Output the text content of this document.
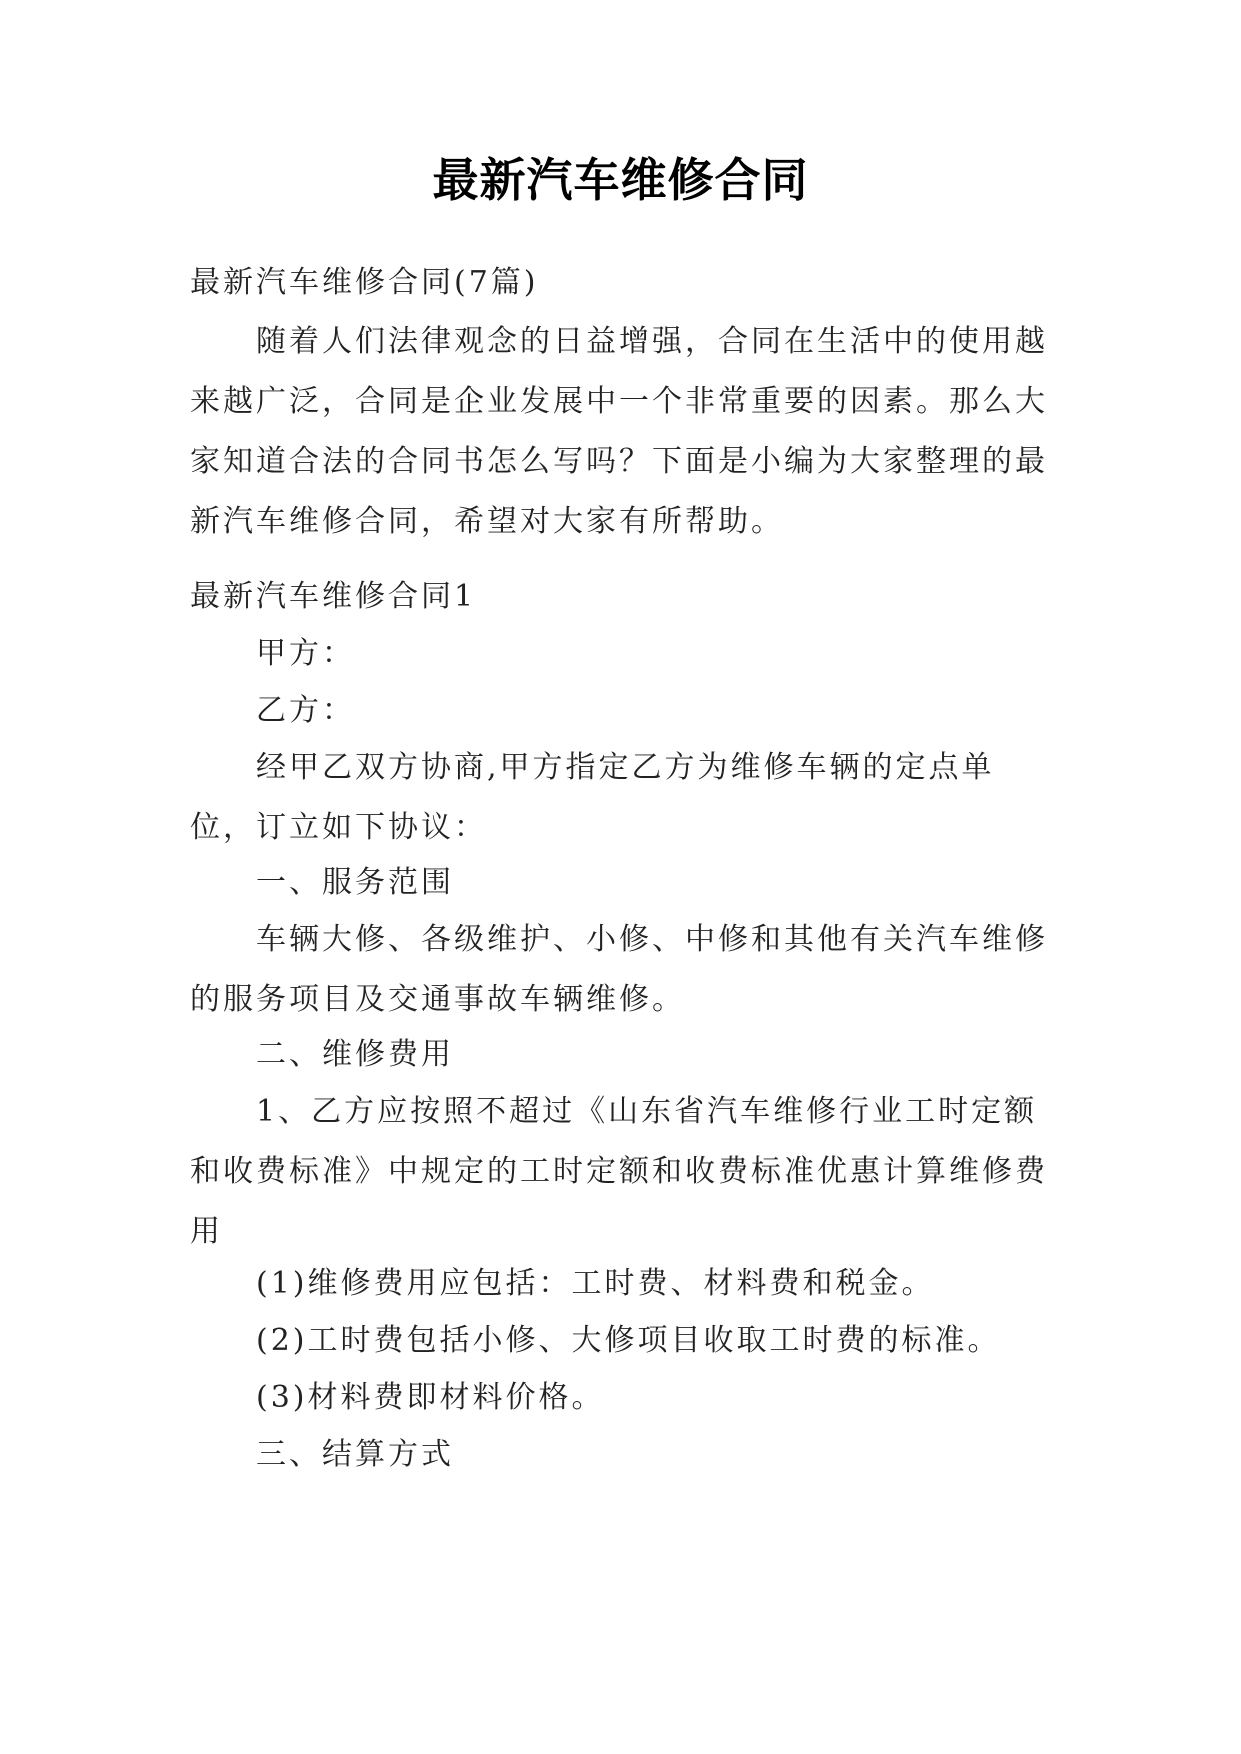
最新汽车维修合同
最新汽车维修合同(7篇)
随着人们法律观念的日益增强，合同在生活中的使用越来越广泛，合同是企业发展中一个非常重要的因素。那么大家知道合法的合同书怎么写吗？下面是小编为大家整理的最新汽车维修合同，希望对大家有所帮助。
最新汽车维修合同1
甲方：
乙方：
经甲乙双方协商,甲方指定乙方为维修车辆的定点单位，订立如下协议：
一、服务范围
车辆大修、各级维护、小修、中修和其他有关汽车维修的服务项目及交通事故车辆维修。
二、维修费用
1、乙方应按照不超过《山东省汽车维修行业工时定额和收费标准》中规定的工时定额和收费标准优惠计算维修费用
(1)维修费用应包括：工时费、材料费和税金。
(2)工时费包括小修、大修项目收取工时费的标准。
(3)材料费即材料价格。
三、结算方式
